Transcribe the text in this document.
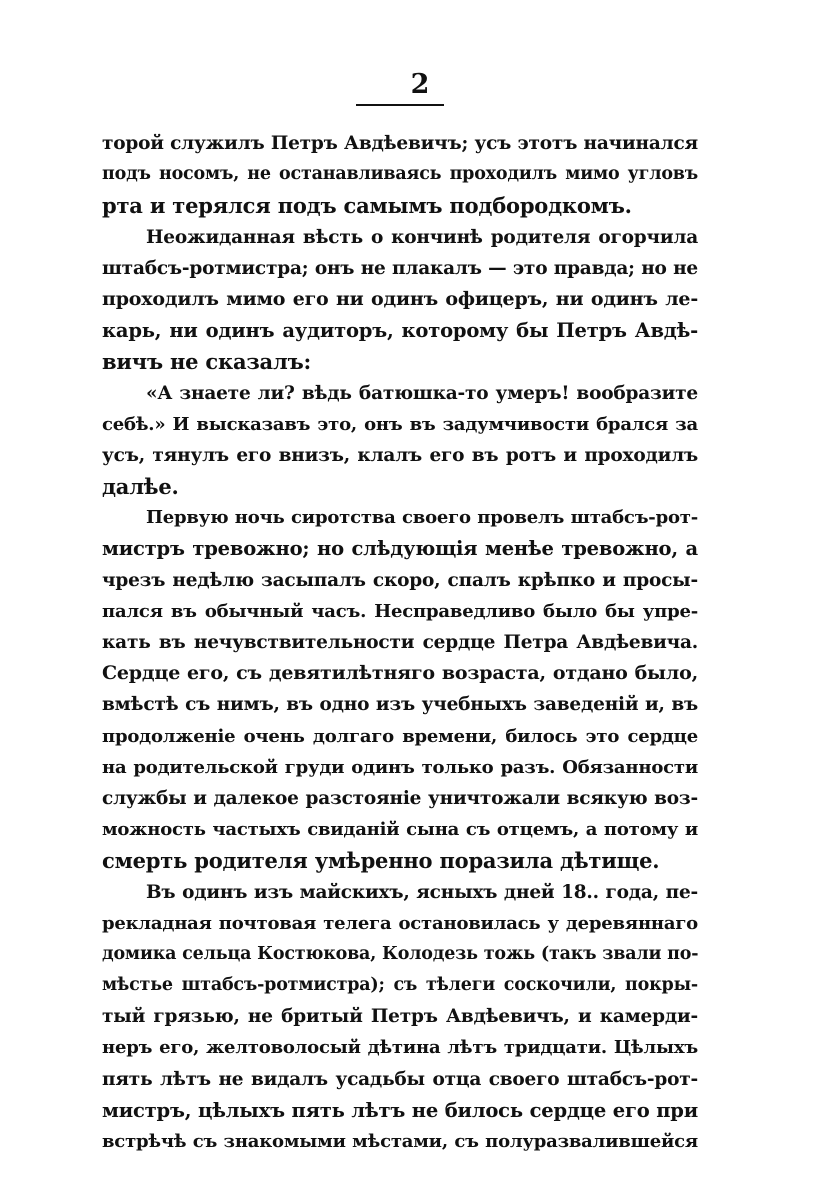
2
торой служилъ Петръ Авдѣевичъ; усъ этотъ начинался
подъ носомъ, не останавливаясь проходилъ мимо угловъ
рта и терялся подъ самымъ подбородкомъ.
Неожиданная вѣсть о кончинѣ родителя огорчила
штабсъ-ротмистра; онъ не плакалъ — это правда; но не
проходилъ мимо его ни одинъ офицеръ, ни одинъ ле-
карь, ни одинъ аудиторъ, которому бы Петръ Авдѣ-
вичъ не сказалъ:
«А знаете ли? вѣдь батюшка-то умеръ! вообразите
себѣ.» И высказавъ это, онъ въ задумчивости брался за
усъ, тянулъ его внизъ, клалъ его въ ротъ и проходилъ
далѣе.
Первую ночь сиротства своего провелъ штабсъ-рот-
мистръ тревожно; но слѣдующія менѣе тревожно, а
чрезъ недѣлю засыпалъ скоро, спалъ крѣпко и просы-
пался въ обычный часъ. Несправедливо было бы упре-
кать въ нечувствительности сердце Петра Авдѣевича.
Сердце его, съ девятилѣтняго возраста, отдано было,
вмѣстѣ съ нимъ, въ одно изъ учебныхъ заведеній и, въ
продолженіе очень долгаго времени, билось это сердце
на родительской груди одинъ только разъ. Обязанности
службы и далекое разстояніе уничтожали всякую воз-
можность частыхъ свиданій сына съ отцемъ, а потому и
смерть родителя умѣренно поразила дѣтище.
Въ одинъ изъ майскихъ, ясныхъ дней 18.. года, пе-
рекладная почтовая телега остановилась у деревяннаго
домика сельца Костюкова, Колодезь тожь (такъ звали по-
мѣстье штабсъ-ротмистра); съ тѣлеги соскочили, покры-
тый грязью, не бритый Петръ Авдѣевичъ, и камерди-
неръ его, желтоволосый дѣтина лѣтъ тридцати. Цѣлыхъ
пять лѣтъ не видалъ усадьбы отца своего штабсъ-рот-
мистръ, цѣлыхъ пять лѣтъ не билось сердце его при
встрѣчѣ съ знакомыми мѣстами, съ полуразвалившейся
